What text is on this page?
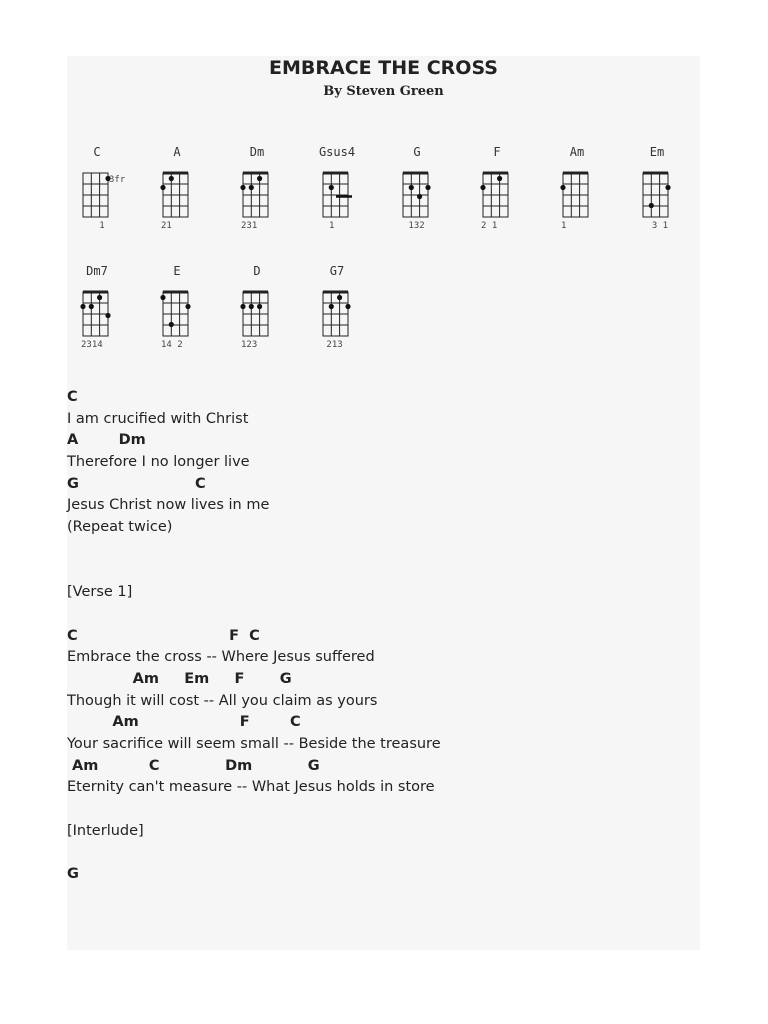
EMBRACE THE CROSS
By Steven Green
C
3fr
1
A
21
Dm
231
Gsus4
1
G
132
F
2 1
Am
1
Em
3 1
Dm7
2314
E
14 2
D
123
G7
213
C
I am crucified with Christ
A        Dm
Therefore I no longer live
G                       C
Jesus Christ now lives in me
(Repeat twice)
[Verse 1]
C                              F  C
Embrace the cross -- Where Jesus suffered
Am     Em     F       G
Though it will cost -- All you claim as yours
Am                    F        C
Your sacrifice will seem small -- Beside the treasure
Am          C             Dm           G
Eternity can't measure -- What Jesus holds in store
[Interlude]
G
